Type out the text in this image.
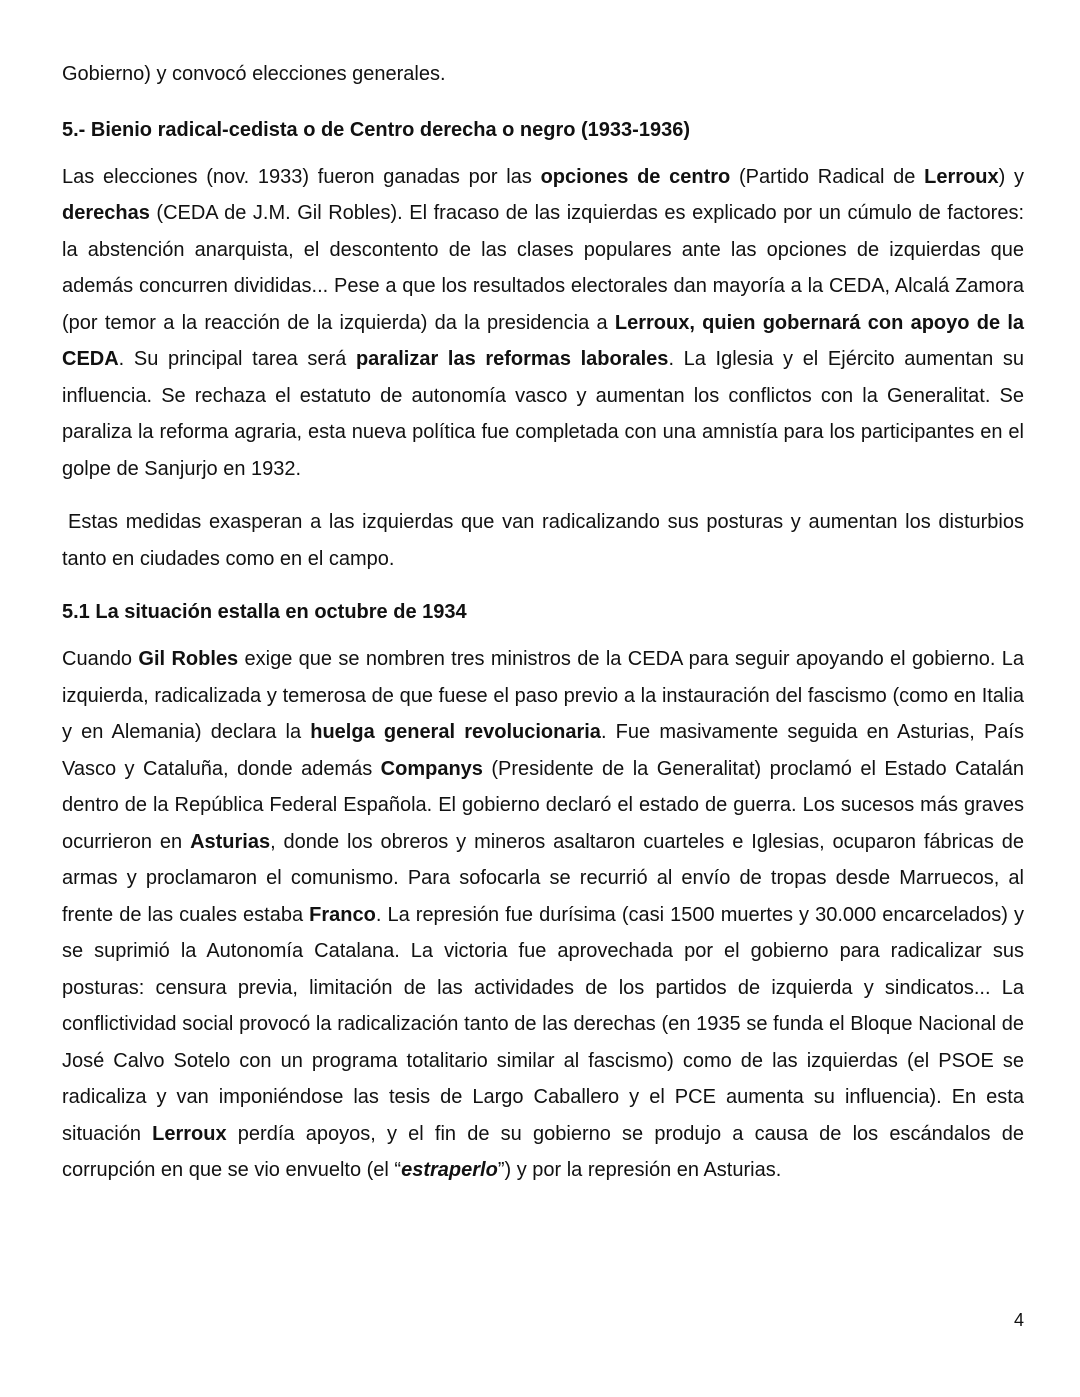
Gobierno) y convocó elecciones generales.

5.- Bienio radical-cedista o de Centro derecha o negro (1933-1936)

Las elecciones (nov. 1933) fueron ganadas por las opciones de centro (Partido Radical de Lerroux) y derechas (CEDA de J.M. Gil Robles). El fracaso de las izquierdas es explicado por un cúmulo de factores: la abstención anarquista, el descontento de las clases populares ante las opciones de izquierdas que además concurren divididas... Pese a que los resultados electorales dan mayoría a la CEDA, Alcalá Zamora (por temor a la reacción de la izquierda) da la presidencia a Lerroux, quien gobernará con apoyo de la CEDA. Su principal tarea será paralizar las reformas laborales. La Iglesia y el Ejército aumentan su influencia. Se rechaza el estatuto de autonomía vasco y aumentan los conflictos con la Generalitat. Se paraliza la reforma agraria, esta nueva política fue completada con una amnistía para los participantes en el golpe de Sanjurjo en 1932.

Estas medidas exasperan a las izquierdas que van radicalizando sus posturas y aumentan los disturbios tanto en ciudades como en el campo.

5.1 La situación estalla en octubre de 1934

Cuando Gil Robles exige que se nombren tres ministros de la CEDA para seguir apoyando el gobierno. La izquierda, radicalizada y temerosa de que fuese el paso previo a la instauración del fascismo (como en Italia y en Alemania) declara la huelga general revolucionaria. Fue masivamente seguida en Asturias, País Vasco y Cataluña, donde además Companys (Presidente de la Generalitat) proclamó el Estado Catalán dentro de la República Federal Española. El gobierno declaró el estado de guerra. Los sucesos más graves ocurrieron en Asturias, donde los obreros y mineros asaltaron cuarteles e Iglesias, ocuparon fábricas de armas y proclamaron el comunismo. Para sofocarla se recurrió al envío de tropas desde Marruecos, al frente de las cuales estaba Franco. La represión fue durísima (casi 1500 muertes y 30.000 encarcelados) y se suprimió la Autonomía Catalana. La victoria fue aprovechada por el gobierno para radicalizar sus posturas: censura previa, limitación de las actividades de los partidos de izquierda y sindicatos... La conflictividad social provocó la radicalización tanto de las derechas (en 1935 se funda el Bloque Nacional de José Calvo Sotelo con un programa totalitario similar al fascismo) como de las izquierdas (el PSOE se radicaliza y van imponiéndose las tesis de Largo Caballero y el PCE aumenta su influencia). En esta situación Lerroux perdía apoyos, y el fin de su gobierno se produjo a causa de los escándalos de corrupción en que se vio envuelto (el “estraperlo”) y por la represión en Asturias.

4
